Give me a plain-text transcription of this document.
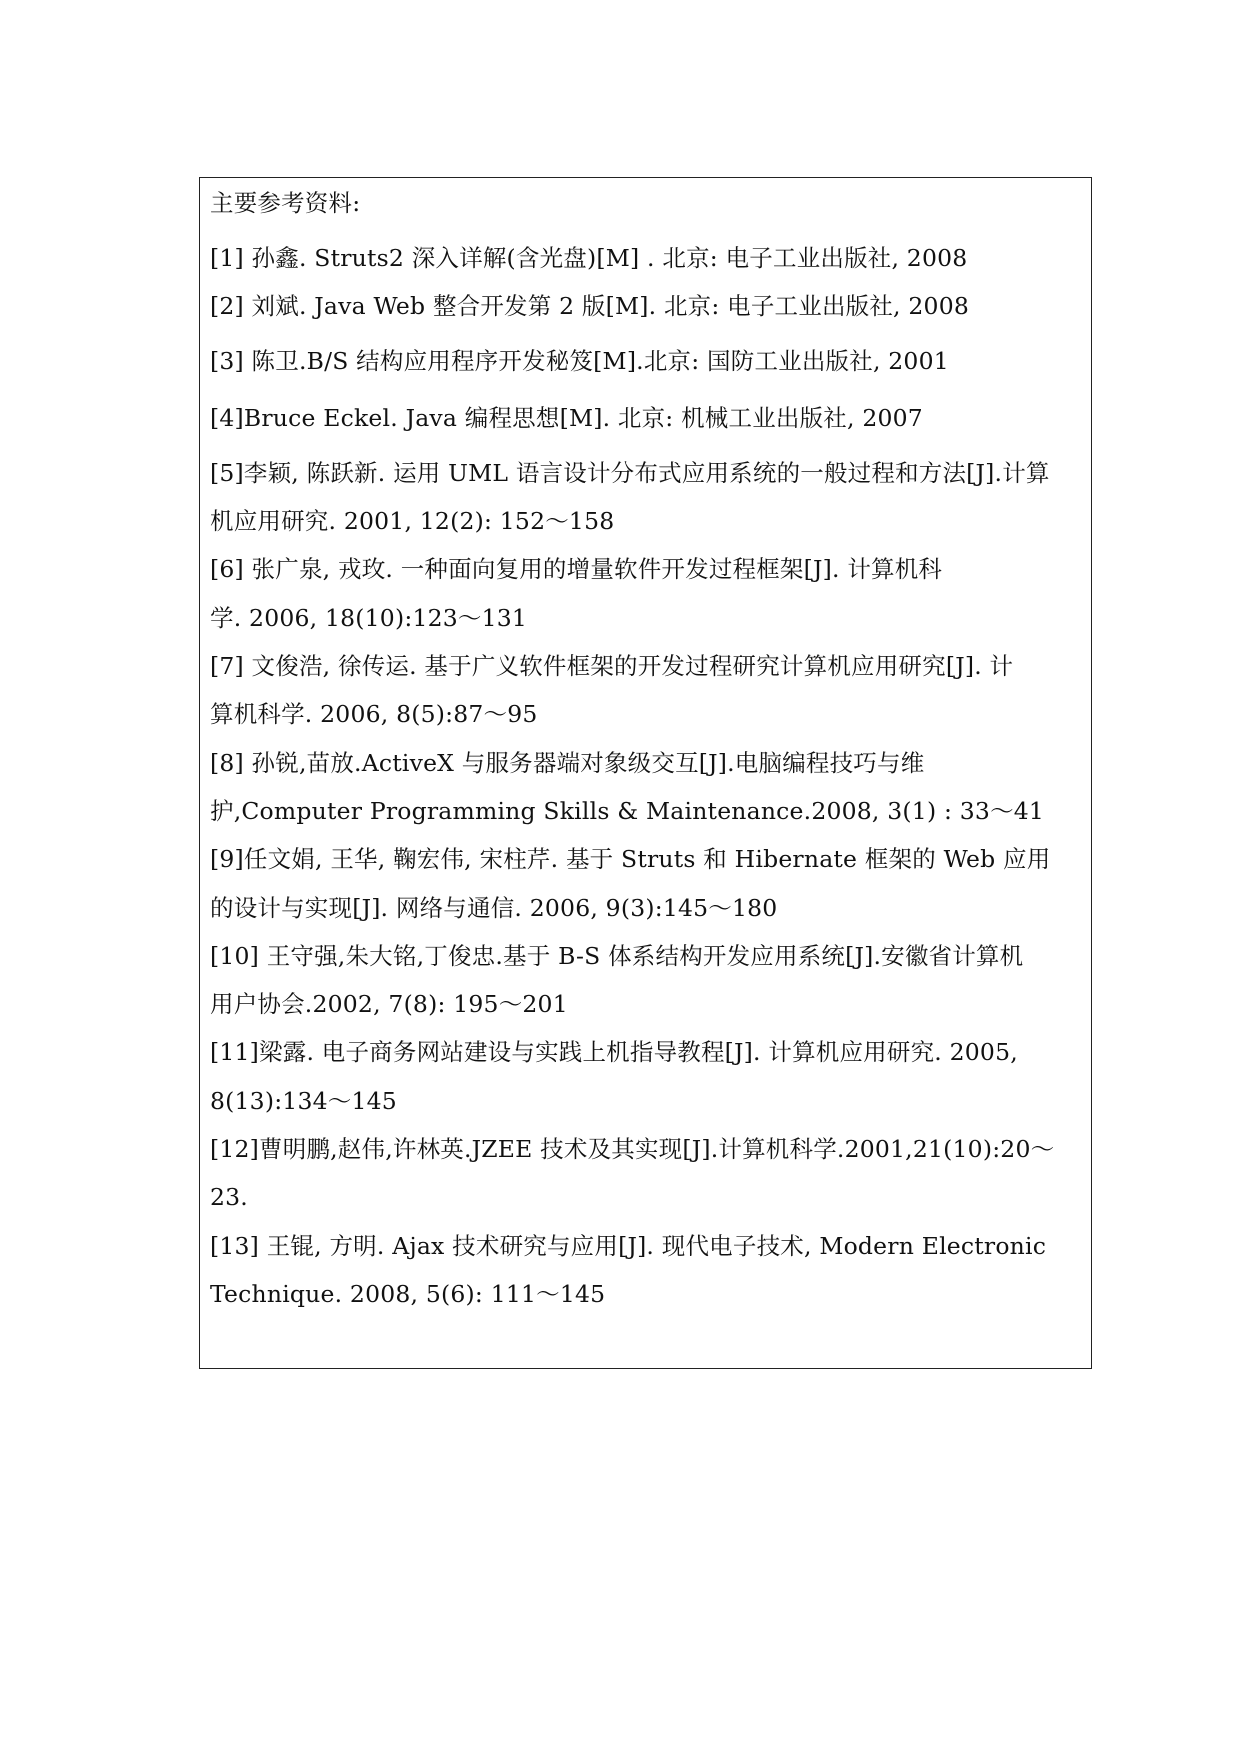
主要参考资料:
[1] 孙鑫. Struts2 深入详解(含光盘)[M] . 北京: 电子工业出版社, 2008
[2] 刘斌. Java Web 整合开发第 2 版[M]. 北京: 电子工业出版社, 2008
[3] 陈卫.B/S 结构应用程序开发秘笈[M].北京: 国防工业出版社, 2001
[4]Bruce Eckel. Java 编程思想[M]. 北京: 机械工业出版社, 2007
[5]李颖, 陈跃新. 运用 UML 语言设计分布式应用系统的一般过程和方法[J].计算
机应用研究. 2001, 12(2): 152～158
[6] 张广泉, 戎玫. 一种面向复用的增量软件开发过程框架[J]. 计算机科
学. 2006, 18(10):123～131
[7] 文俊浩, 徐传运. 基于广义软件框架的开发过程研究计算机应用研究[J]. 计
算机科学. 2006, 8(5):87～95
[8] 孙锐,苗放.ActiveX 与服务器端对象级交互[J].电脑编程技巧与维
护,Computer Programming Skills & Maintenance.2008, 3(1) : 33～41
[9]任文娟, 王华, 鞠宏伟, 宋柱芹. 基于 Struts 和 Hibernate 框架的 Web 应用
的设计与实现[J]. 网络与通信. 2006, 9(3):145～180
[10] 王守强,朱大铭,丁俊忠.基于 B-S 体系结构开发应用系统[J].安徽省计算机
用户协会.2002, 7(8): 195～201
[11]梁露. 电子商务网站建设与实践上机指导教程[J]. 计算机应用研究. 2005,
8(13):134～145
[12]曹明鹏,赵伟,许林英.JZEE 技术及其实现[J].计算机科学.2001,21(10):20～
23.
[13] 王锟, 方明. Ajax 技术研究与应用[J]. 现代电子技术, Modern Electronic
Technique. 2008, 5(6): 111～145
